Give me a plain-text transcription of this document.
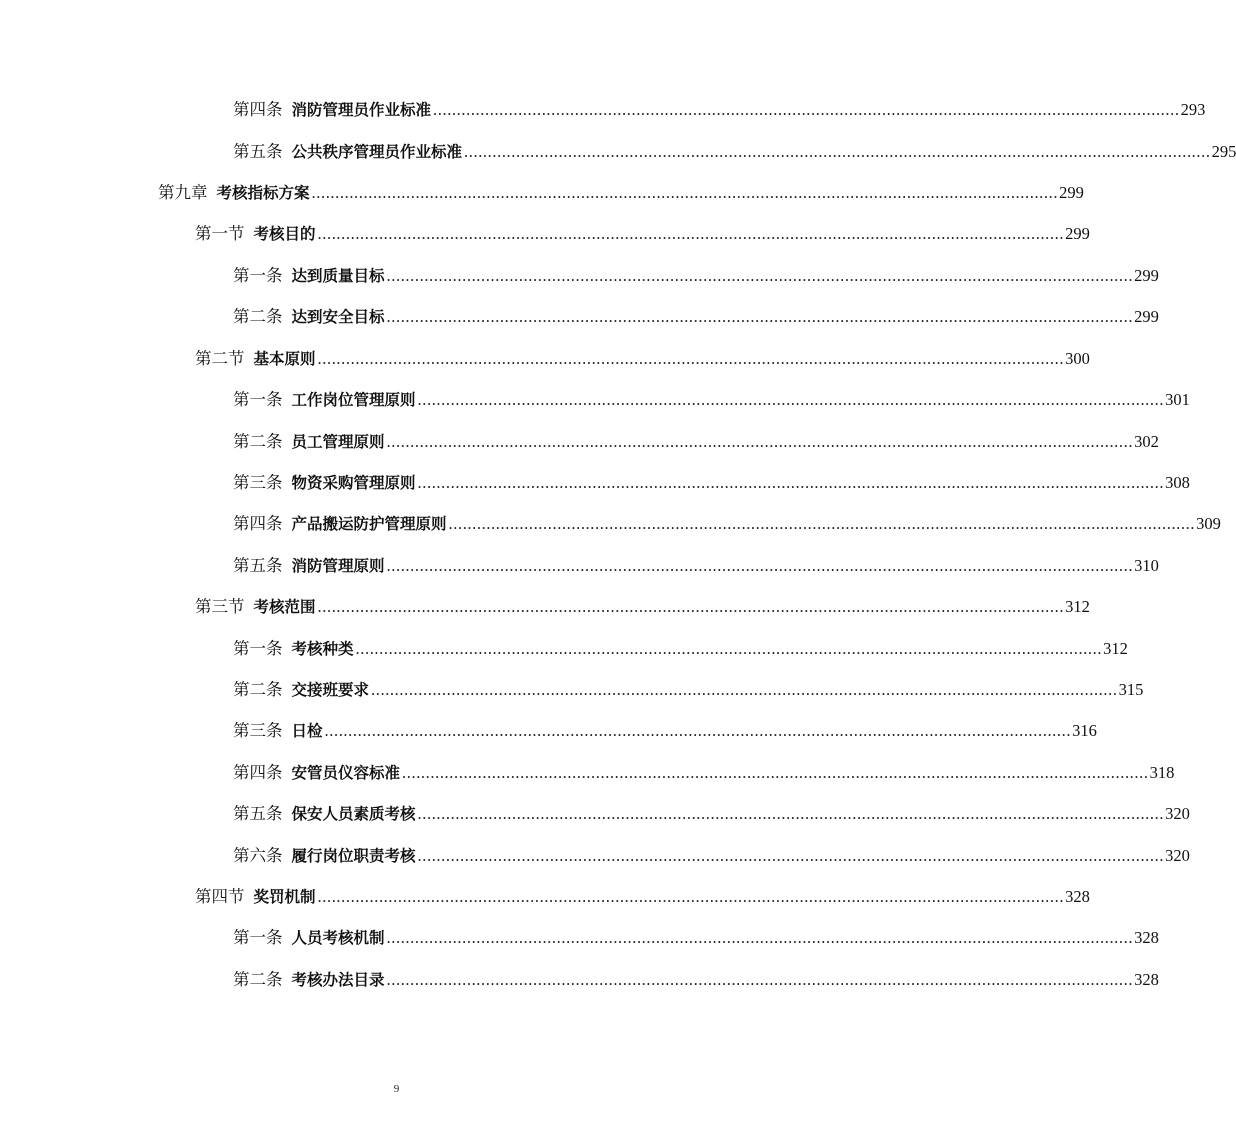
第四条 消防管理员作业标准 .............................................................................................................................................................. 293
第五条 公共秩序管理员作业标准 .............................................................................................................................................................. 295
第九章 考核指标方案 .............................................................................................................................................................. 299
第一节 考核目的 .............................................................................................................................................................. 299
第一条 达到质量目标 .............................................................................................................................................................. 299
第二条 达到安全目标 .............................................................................................................................................................. 299
第二节 基本原则 .............................................................................................................................................................. 300
第一条 工作岗位管理原则 .............................................................................................................................................................. 301
第二条 员工管理原则 .............................................................................................................................................................. 302
第三条 物资采购管理原则 .............................................................................................................................................................. 308
第四条 产品搬运防护管理原则 .............................................................................................................................................................. 309
第五条 消防管理原则 .............................................................................................................................................................. 310
第三节 考核范围 .............................................................................................................................................................. 312
第一条 考核种类 .............................................................................................................................................................. 312
第二条 交接班要求 .............................................................................................................................................................. 315
第三条 日检 .............................................................................................................................................................. 316
第四条 安管员仪容标准 .............................................................................................................................................................. 318
第五条 保安人员素质考核 .............................................................................................................................................................. 320
第六条 履行岗位职责考核 .............................................................................................................................................................. 320
第四节 奖罚机制 .............................................................................................................................................................. 328
第一条 人员考核机制 .............................................................................................................................................................. 328
第二条 考核办法目录 .............................................................................................................................................................. 328
9
